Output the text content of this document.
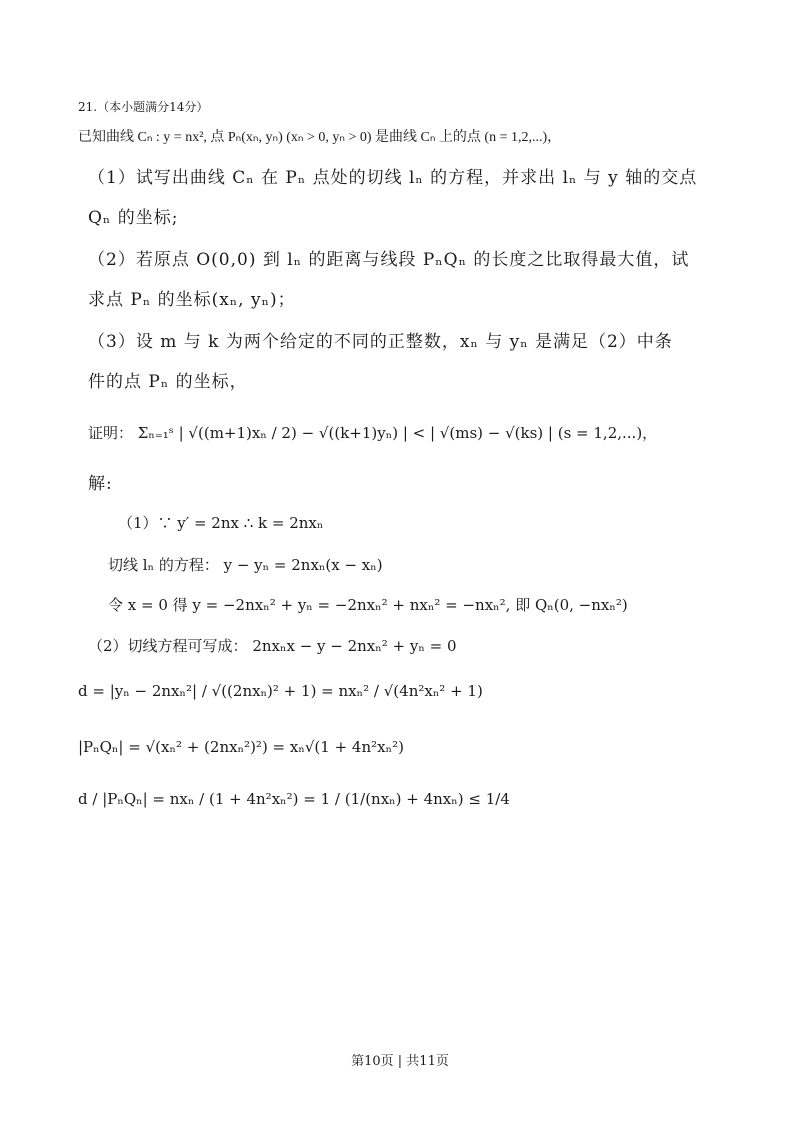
21.（本小题满分14分）
已知曲线 Cₙ : y = nx², 点 Pₙ(xₙ, yₙ) (xₙ > 0, yₙ > 0) 是曲线 Cₙ 上的点 (n = 1,2,...)，
（1）试写出曲线 Cₙ 在 Pₙ 点处的切线 lₙ 的方程，并求出 lₙ 与 y 轴的交点
Qₙ 的坐标;
（2）若原点 O(0,0) 到 lₙ 的距离与线段 PₙQₙ 的长度之比取得最大值，试
求点 Pₙ 的坐标(xₙ, yₙ)；
（3）设 m 与 k 为两个给定的不同的正整数，xₙ 与 yₙ 是满足（2）中条
件的点 Pₙ 的坐标，
证明： Σₙ₌₁ˢ | √((m+1)xₙ / 2) − √((k+1)yₙ) | < | √(ms) − √(ks) | (s = 1,2,...)，
解:
（1）∵ y′ = 2nx ∴ k = 2nxₙ
切线 lₙ 的方程： y − yₙ = 2nxₙ(x − xₙ)
令 x = 0 得 y = −2nxₙ² + yₙ = −2nxₙ² + nxₙ² = −nxₙ², 即 Qₙ(0, −nxₙ²)
（2）切线方程可写成： 2nxₙx − y − 2nxₙ² + yₙ = 0
d = |yₙ − 2nxₙ²| / √((2nxₙ)² + 1) = nxₙ² / √(4n²xₙ² + 1)
|PₙQₙ| = √(xₙ² + (2nxₙ²)²) = xₙ√(1 + 4n²xₙ²)
d / |PₙQₙ| = nxₙ / (1 + 4n²xₙ²) = 1 / (1/(nxₙ) + 4nxₙ) ≤ 1/4
第10页 | 共11页
